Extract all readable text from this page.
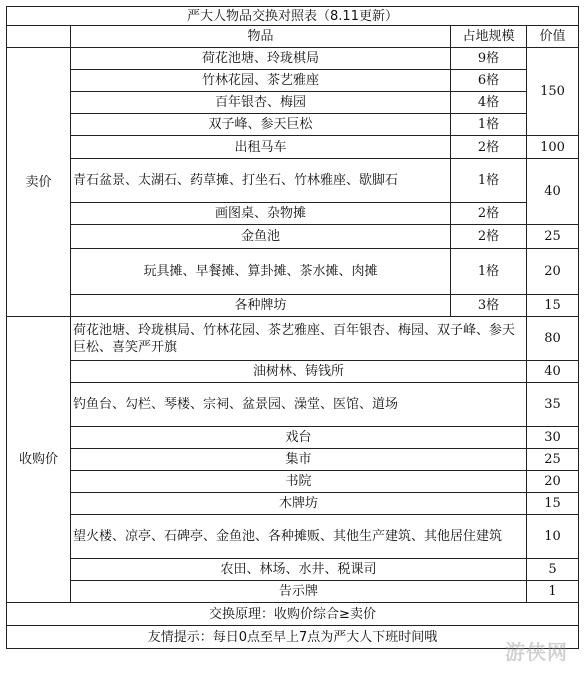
严大人物品交换对照表（8.11更新）			
	物品	占地规模	价值
卖价	荷花池塘、玲珑棋局	9格	150
	竹林花园、茶艺雅座	6格	
	百年银杏、梅园	4格	
	双子峰、参天巨松	1格	
	出租马车	2格	100
	青石盆景、太湖石、药草摊、打坐石、竹林雅座、歇脚石	1格	40
	画图桌、杂物摊	2格	
	金鱼池	2格	25
	玩具摊、早餐摊、算卦摊、茶水摊、肉摊	1格	20
	各种牌坊	3格	15
收购价	荷花池塘、玲珑棋局、竹林花园、茶艺雅座、百年银杏、梅园、双子峰、参天巨松、喜笑严开旗		80
	油树林、铸钱所		40
	钓鱼台、勾栏、琴楼、宗祠、盆景园、澡堂、医馆、道场		35
	戏台		30
	集市		25
	书院		20
	木牌坊		15
	望火楼、凉亭、石碑亭、金鱼池、各种摊贩、其他生产建筑、其他居住建筑		10
	农田、林场、水井、税课司		5
	告示牌		1
交换原理：收购价综合≥卖价			
友情提示：每日0点至早上7点为严大人下班时间哦			
游侠网
